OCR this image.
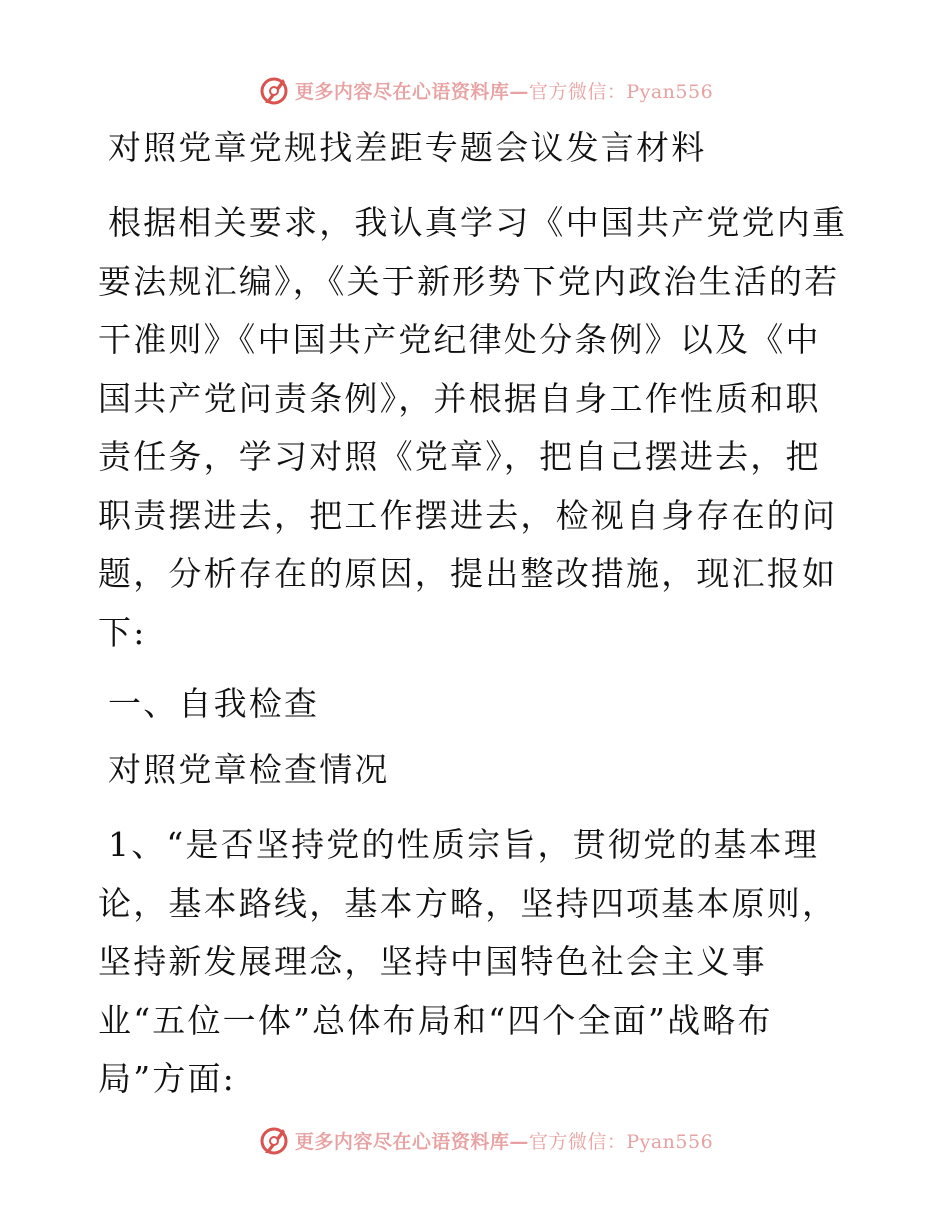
更多内容尽在心语资料库—官方微信：Pyan556

对照党章党规找差距专题会议发言材料

根据相关要求，我认真学习《中国共产党党内重要法规汇编》，《关于新形势下党内政治生活的若干准则》《中国共产党纪律处分条例》以及《中国共产党问责条例》，并根据自身工作性质和职责任务，学习对照《党章》，把自己摆进去，把职责摆进去，把工作摆进去，检视自身存在的问题，分析存在的原因，提出整改措施，现汇报如下:

一、自我检查

对照党章检查情况

1、“是否坚持党的性质宗旨，贯彻党的基本理论，基本路线，基本方略，坚持四项基本原则，坚持新发展理念，坚持中国特色社会主义事业“五位一体”总体布局和“四个全面”战略布局”方面:

更多内容尽在心语资料库—官方微信：Pyan556
